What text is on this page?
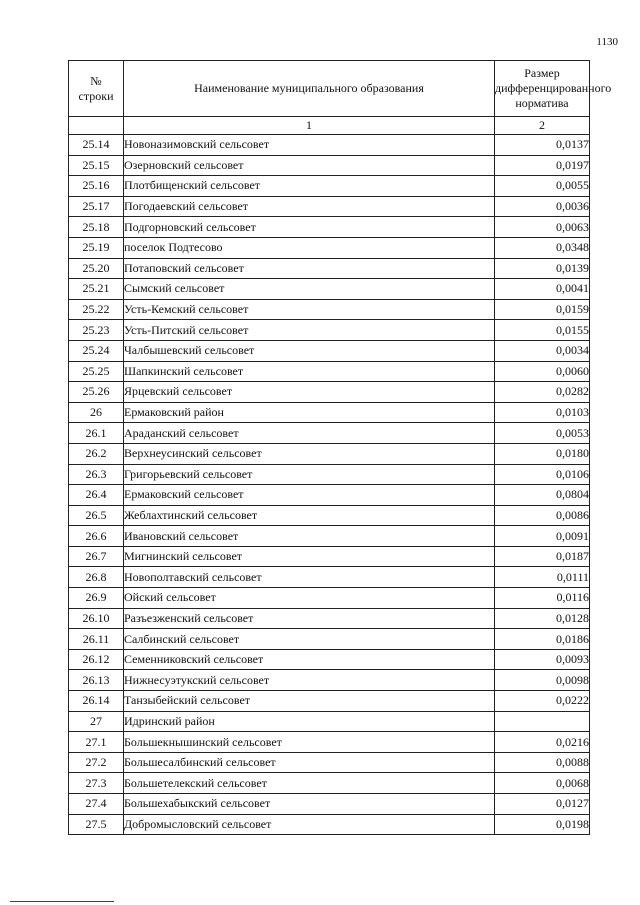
1130
№ строки	Наименование муниципального образования	Размер дифференцированного норматива
	1	2
25.14	Новоназимовский сельсовет	0,0137
25.15	Озерновский сельсовет	0,0197
25.16	Плотбищенский сельсовет	0,0055
25.17	Погодаевский сельсовет	0,0036
25.18	Подгорновский сельсовет	0,0063
25.19	поселок Подтесово	0,0348
25.20	Потаповский сельсовет	0,0139
25.21	Сымский сельсовет	0,0041
25.22	Усть-Кемский сельсовет	0,0159
25.23	Усть-Питский сельсовет	0,0155
25.24	Чалбышевский сельсовет	0,0034
25.25	Шапкинский сельсовет	0,0060
25.26	Ярцевский сельсовет	0,0282
26	Ермаковский район	0,0103
26.1	Араданский сельсовет	0,0053
26.2	Верхнеусинский сельсовет	0,0180
26.3	Григорьевский сельсовет	0,0106
26.4	Ермаковский сельсовет	0,0804
26.5	Жеблахтинский сельсовет	0,0086
26.6	Ивановский сельсовет	0,0091
26.7	Мигнинский сельсовет	0,0187
26.8	Новополтавский сельсовет	0,0111
26.9	Ойский сельсовет	0,0116
26.10	Разъезженский сельсовет	0,0128
26.11	Салбинский сельсовет	0,0186
26.12	Семенниковский сельсовет	0,0093
26.13	Нижнесуэтукский сельсовет	0,0098
26.14	Танзыбейский сельсовет	0,0222
27	Идринский район	
27.1	Большекнышинский сельсовет	0,0216
27.2	Большесалбинский сельсовет	0,0088
27.3	Большетелекский сельсовет	0,0068
27.4	Большехабыкский сельсовет	0,0127
27.5	Добромысловский сельсовет	0,0198
